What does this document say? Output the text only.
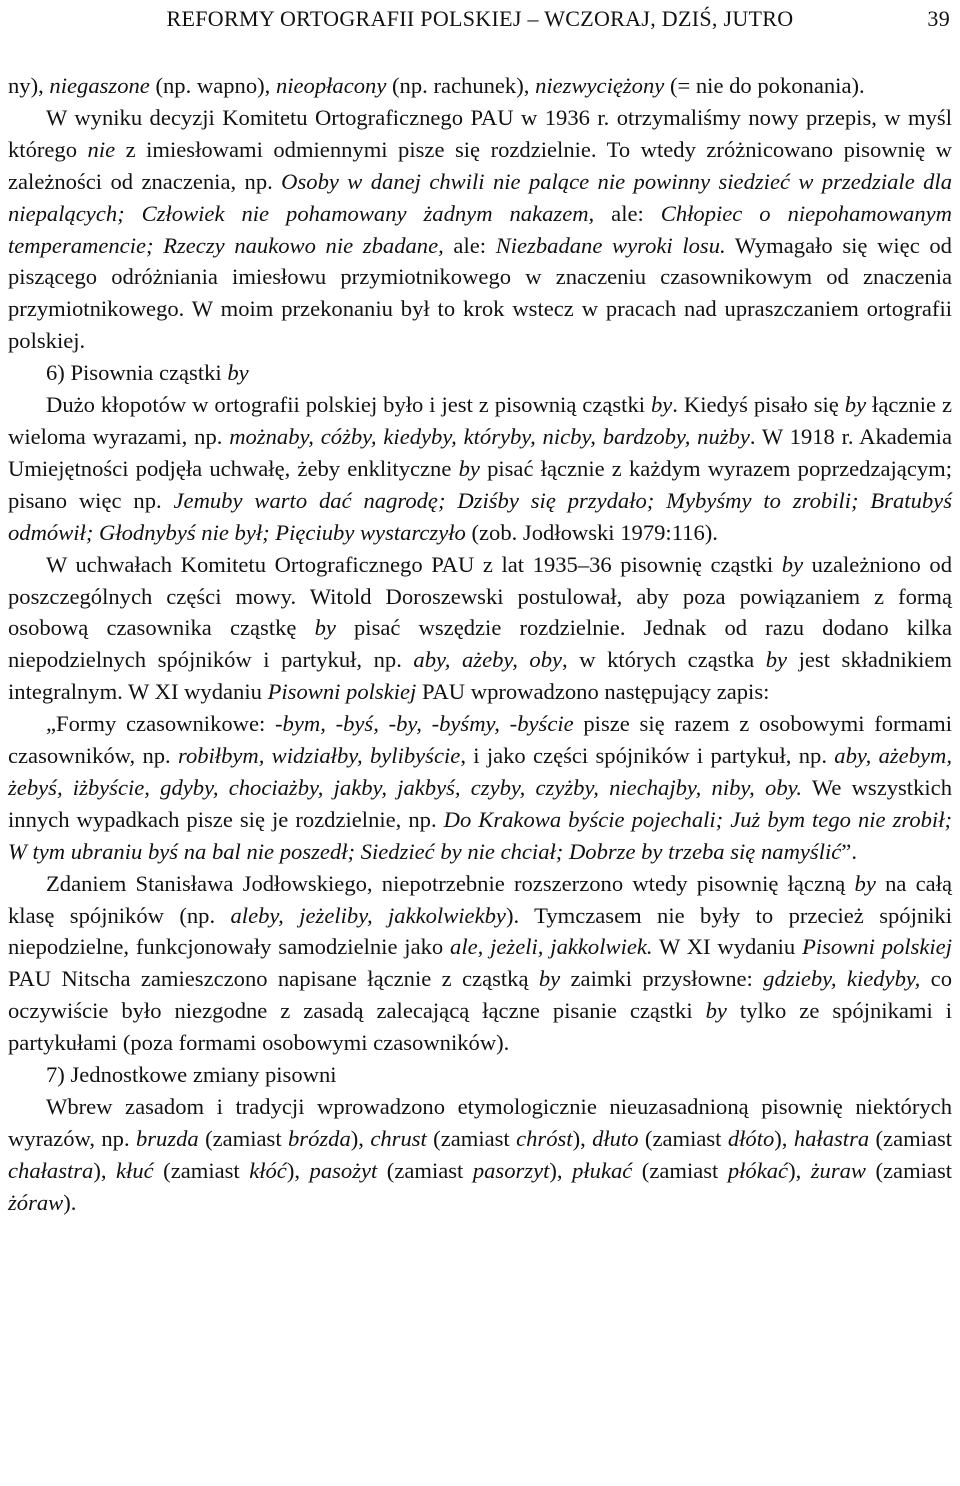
REFORMY ORTOGRAFII POLSKIEJ – WCZORAJ, DZIŚ, JUTRO	39

ny), niegaszone (np. wapno), nieopłacony (np. rachunek), niezwyciężony (= nie do pokonania).

W wyniku decyzji Komitetu Ortograficznego PAU w 1936 r. otrzymaliśmy nowy przepis, w myśl którego nie z imiesłowami odmiennymi pisze się rozdzielnie. To wtedy zróżnicowano pisownię w zależności od znaczenia, np. Osoby w danej chwili nie palące nie powinny siedzieć w przedziale dla niepalących; Człowiek nie pohamowany żadnym nakazem, ale: Chłopiec o niepohamowanym temperamencie; Rzeczy naukowo nie zbadane, ale: Niezbadane wyroki losu. Wymagało się więc od piszącego odróżniania imiesłowu przymiotnikowego w znaczeniu czasownikowym od znaczenia przymiotnikowego. W moim przekonaniu był to krok wstecz w pracach nad upraszczaniem ortografii polskiej.

6) Pisownia cząstki by

Dużo kłopotów w ortografii polskiej było i jest z pisownią cząstki by. Kiedyś pisało się by łącznie z wieloma wyrazami, np. możnaby, cóżby, kiedyby, któryby, nicby, bardzoby, nużby. W 1918 r. Akademia Umiejętności podjęła uchwałę, żeby enklityczne by pisać łącznie z każdym wyrazem poprzedzającym; pisano więc np. Jemuby warto dać nagrodę; Dziśby się przydało; Mybyśmy to zrobili; Bratubyś odmówił; Głodnybyś nie był; Pięciuby wystarczyło (zob. Jodłowski 1979:116).

W uchwałach Komitetu Ortograficznego PAU z lat 1935–36 pisownię cząstki by uzależniono od poszczególnych części mowy. Witold Doroszewski postulował, aby poza powiązaniem z formą osobową czasownika cząstkę by pisać wszędzie rozdzielnie. Jednak od razu dodano kilka niepodzielnych spójników i partykuł, np. aby, ażeby, oby, w których cząstka by jest składnikiem integralnym. W XI wydaniu Pisowni polskiej PAU wprowadzono następujący zapis:

„Formy czasownikowe: -bym, -byś, -by, -byśmy, -byście pisze się razem z osobowymi formami czasowników, np. robiłbym, widziałby, bylibyście, i jako części spójników i partykuł, np. aby, ażebym, żebyś, iżbyście, gdyby, chociażby, jakby, jakbyś, czyby, czyżby, niechajby, niby, oby. We wszystkich innych wypadkach pisze się je rozdzielnie, np. Do Krakowa byście pojechali; Już bym tego nie zrobił; W tym ubraniu byś na bal nie poszedł; Siedzieć by nie chciał; Dobrze by trzeba się namyślić”.

Zdaniem Stanisława Jodłowskiego, niepotrzebnie rozszerzono wtedy pisownię łączną by na całą klasę spójników (np. aleby, jeżeliby, jakkolwiekby). Tymczasem nie były to przecież spójniki niepodzielne, funkcjonowały samodzielnie jako ale, jeżeli, jakkolwiek. W XI wydaniu Pisowni polskiej PAU Nitscha zamieszczono napisane łącznie z cząstką by zaimki przysłowne: gdzieby, kiedyby, co oczywiście było niezgodne z zasadą zalecającą łączne pisanie cząstki by tylko ze spójnikami i partykułami (poza formami osobowymi czasowników).

7) Jednostkowe zmiany pisowni

Wbrew zasadom i tradycji wprowadzono etymologicznie nieuzasadnioną pisownię niektórych wyrazów, np. bruzda (zamiast brózda), chrust (zamiast chróst), dłuto (zamiast dłóto), hałastra (zamiast chałastra), kłuć (zamiast kłóć), pasożyt (zamiast pasorzyt), płukać (zamiast płókać), żuraw (zamiast żóraw).
